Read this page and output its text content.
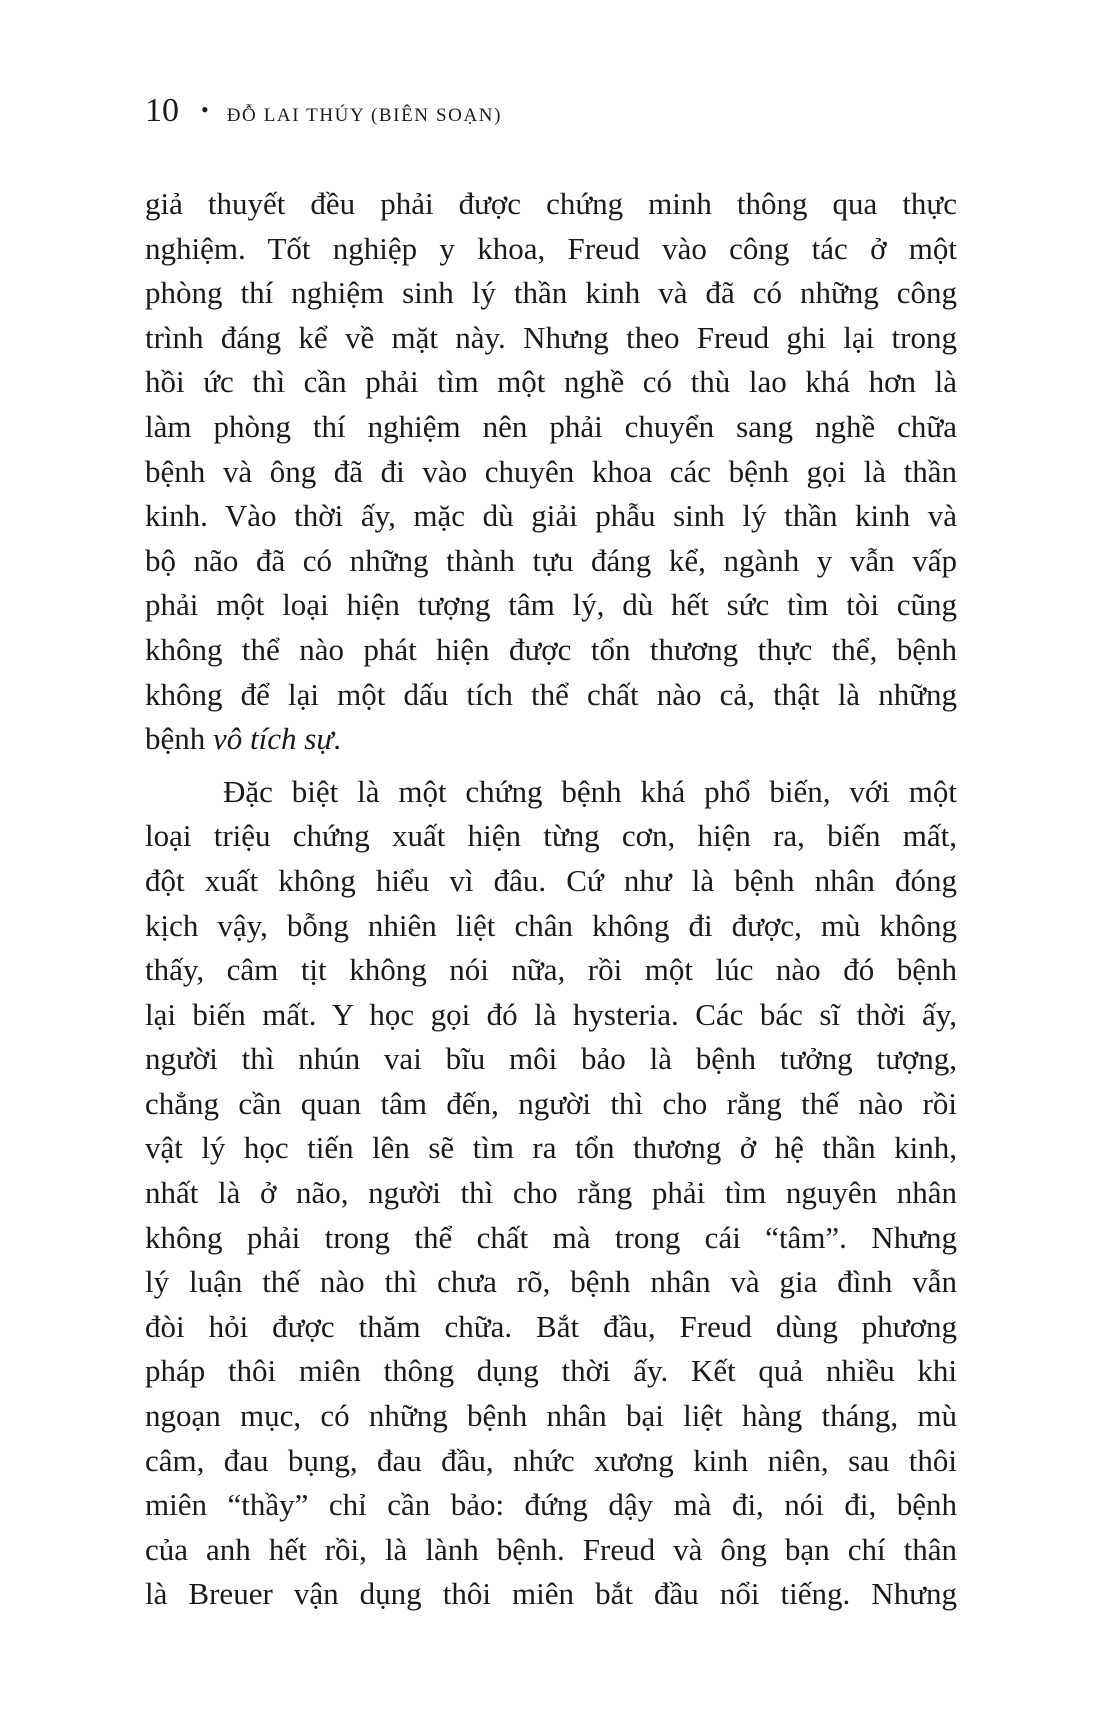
10 • ĐỖ LAI THÚY (BIÊN SOẠN)

giả thuyết đều phải được chứng minh thông qua thực
nghiệm. Tốt nghiệp y khoa, Freud vào công tác ở một
phòng thí nghiệm sinh lý thần kinh và đã có những công
trình đáng kể về mặt này. Nhưng theo Freud ghi lại trong
hồi ức thì cần phải tìm một nghề có thù lao khá hơn là
làm phòng thí nghiệm nên phải chuyển sang nghề chữa
bệnh và ông đã đi vào chuyên khoa các bệnh gọi là thần
kinh. Vào thời ấy, mặc dù giải phẫu sinh lý thần kinh và
bộ não đã có những thành tựu đáng kể, ngành y vẫn vấp
phải một loại hiện tượng tâm lý, dù hết sức tìm tòi cũng
không thể nào phát hiện được tổn thương thực thể, bệnh
không để lại một dấu tích thể chất nào cả, thật là những
bệnh vô tích sự.

Đặc biệt là một chứng bệnh khá phổ biến, với một
loại triệu chứng xuất hiện từng cơn, hiện ra, biến mất,
đột xuất không hiểu vì đâu. Cứ như là bệnh nhân đóng
kịch vậy, bỗng nhiên liệt chân không đi được, mù không
thấy, câm tịt không nói nữa, rồi một lúc nào đó bệnh
lại biến mất. Y học gọi đó là hysteria. Các bác sĩ thời ấy,
người thì nhún vai bĩu môi bảo là bệnh tưởng tượng,
chẳng cần quan tâm đến, người thì cho rằng thế nào rồi
vật lý học tiến lên sẽ tìm ra tổn thương ở hệ thần kinh,
nhất là ở não, người thì cho rằng phải tìm nguyên nhân
không phải trong thể chất mà trong cái “tâm”. Nhưng
lý luận thế nào thì chưa rõ, bệnh nhân và gia đình vẫn
đòi hỏi được thăm chữa. Bắt đầu, Freud dùng phương
pháp thôi miên thông dụng thời ấy. Kết quả nhiều khi
ngoạn mục, có những bệnh nhân bại liệt hàng tháng, mù
câm, đau bụng, đau đầu, nhức xương kinh niên, sau thôi
miên “thầy” chỉ cần bảo: đứng dậy mà đi, nói đi, bệnh
của anh hết rồi, là lành bệnh. Freud và ông bạn chí thân
là Breuer vận dụng thôi miên bắt đầu nổi tiếng. Nhưng
